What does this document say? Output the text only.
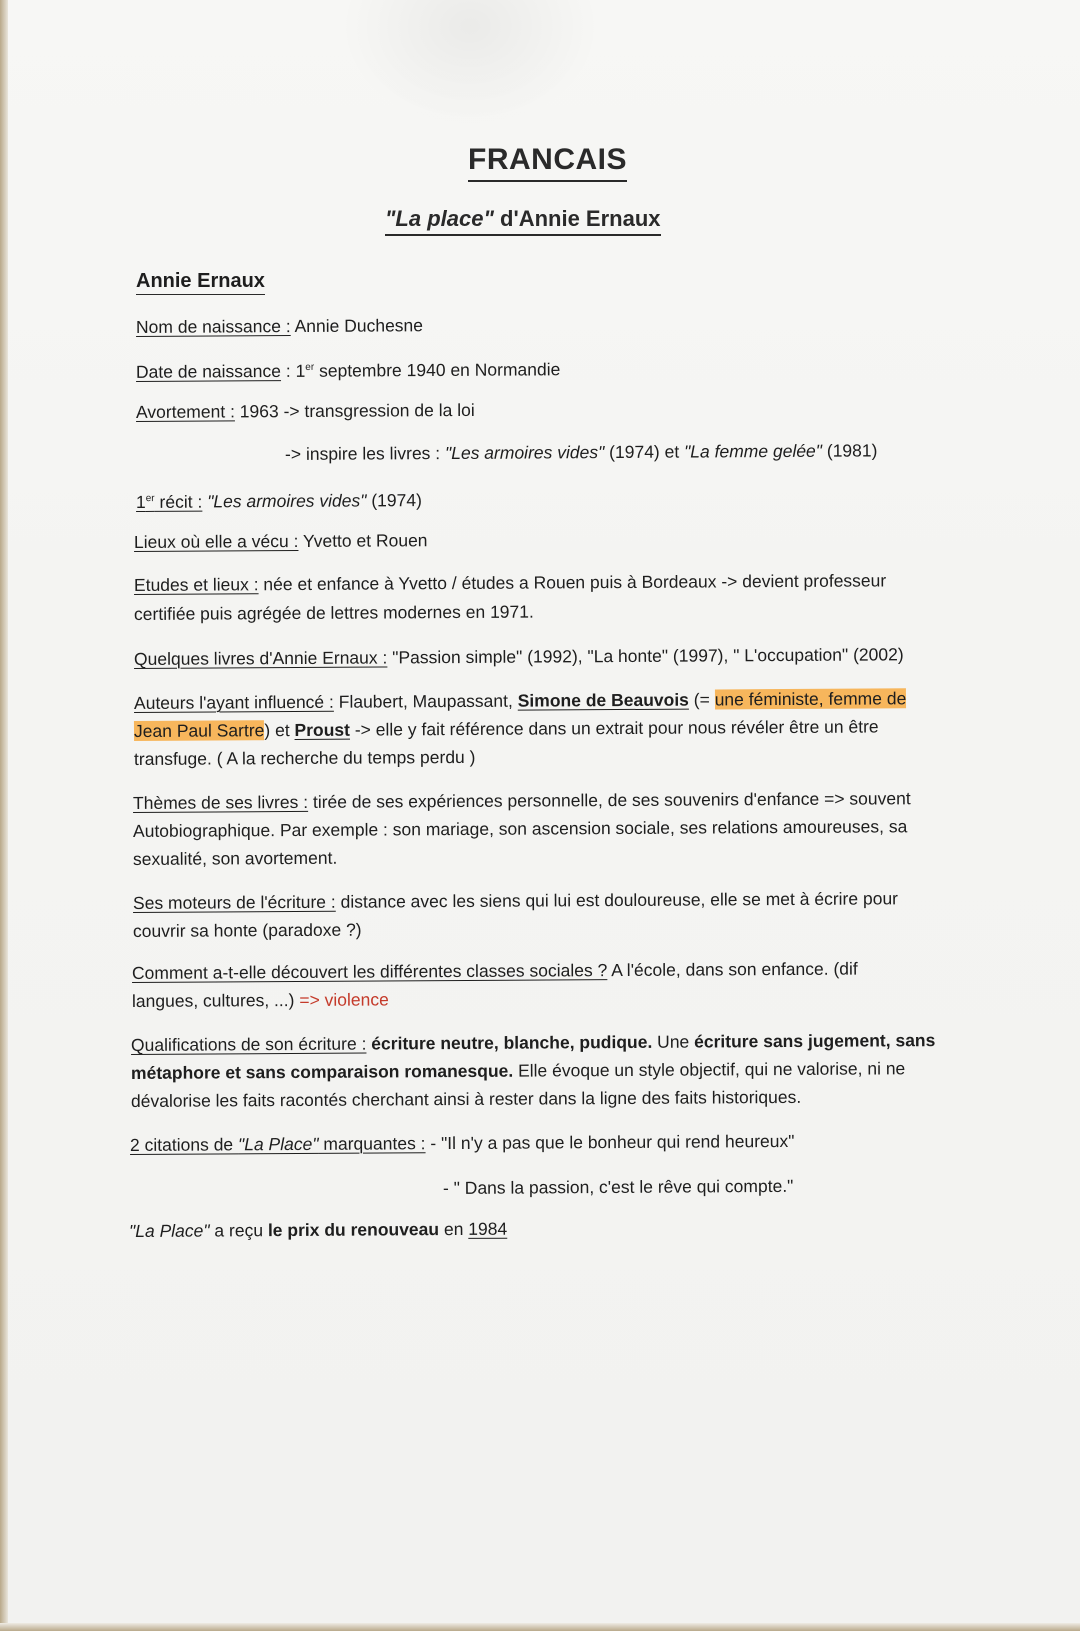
FRANCAIS
"La place" d'Annie Ernaux
Annie Ernaux
Nom de naissance : Annie Duchesne
Date de naissance : 1er septembre 1940 en Normandie
Avortement : 1963 -> transgression de la loi
-> inspire les livres : "Les armoires vides" (1974) et "La femme gelée" (1981)
1er récit : "Les armoires vides" (1974)
Lieux où elle a vécu : Yvetto et Rouen
Etudes et lieux : née et enfance à Yvetto / études a Rouen puis à Bordeaux -> devient professeur
certifiée puis agrégée de lettres modernes en 1971.
Quelques livres d'Annie Ernaux : "Passion simple" (1992), "La honte" (1997), " L'occupation" (2002)
Auteurs l'ayant influencé : Flaubert, Maupassant, Simone de Beauvois (= une féministe, femme de
Jean Paul Sartre) et Proust -> elle y fait référence dans un extrait pour nous révéler être un être
transfuge. ( A la recherche du temps perdu )
Thèmes de ses livres : tirée de ses expériences personnelle, de ses souvenirs d'enfance => souvent
Autobiographique. Par exemple : son mariage, son ascension sociale, ses relations amoureuses, sa
sexualité, son avortement.
Ses moteurs de l'écriture : distance avec les siens qui lui est douloureuse, elle se met à écrire pour
couvrir sa honte (paradoxe ?)
Comment a-t-elle découvert les différentes classes sociales ? A l'école, dans son enfance. (dif
langues, cultures, ...) => violence
Qualifications de son écriture : écriture neutre, blanche, pudique. Une écriture sans jugement, sans
métaphore et sans comparaison romanesque. Elle évoque un style objectif, qui ne valorise, ni ne
dévalorise les faits racontés cherchant ainsi à rester dans la ligne des faits historiques.
2 citations de "La Place" marquantes : - "Il n'y a pas que le bonheur qui rend heureux"
- " Dans la passion, c'est le rêve qui compte."
"La Place" a reçu le prix du renouveau en 1984
